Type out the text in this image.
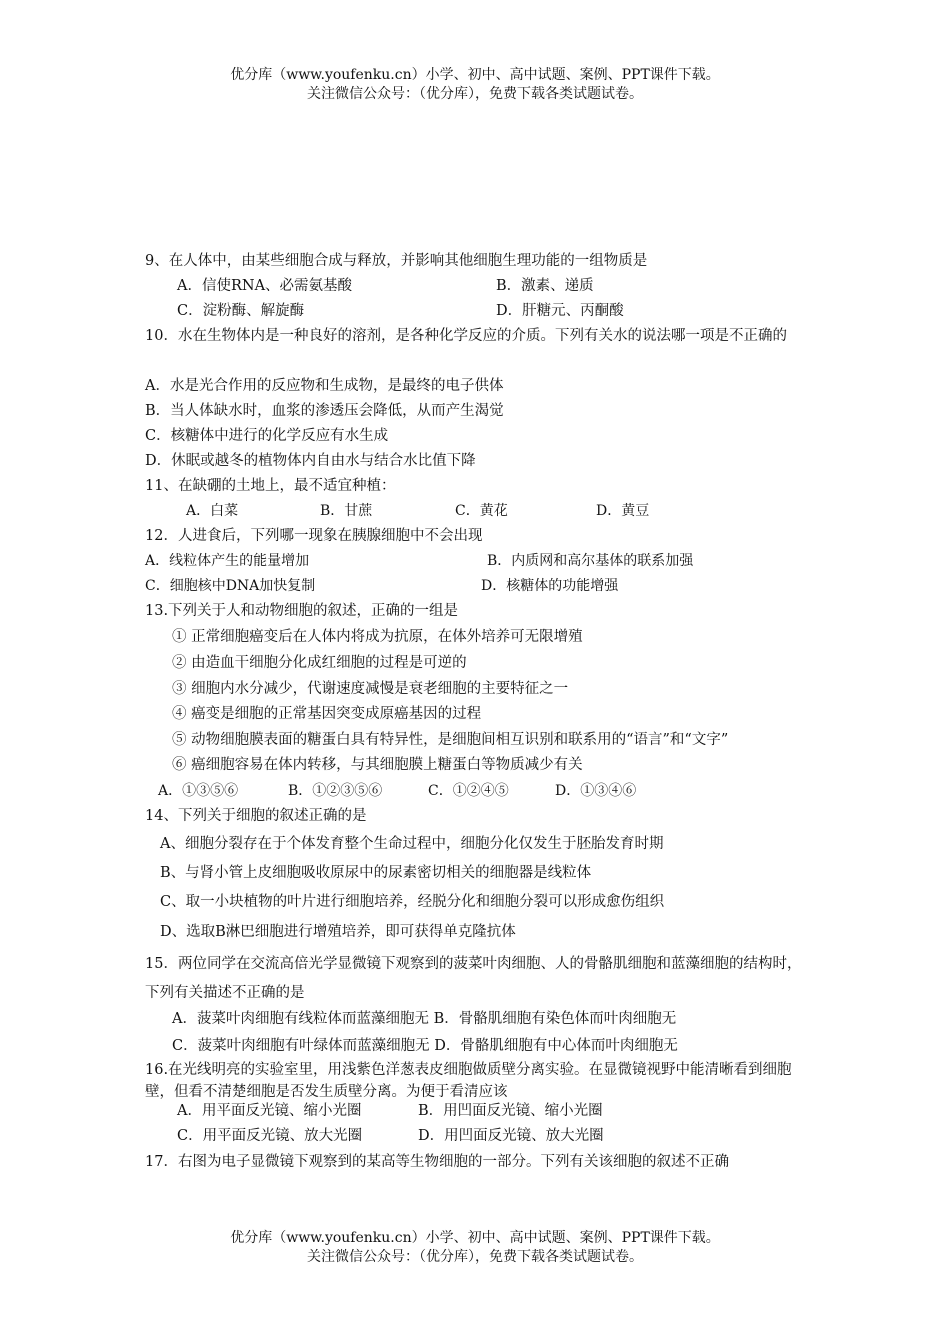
优分库（www.youfenku.cn）小学、初中、高中试题、案例、PPT课件下载。
关注微信公众号：（优分库），免费下载各类试题试卷。
9、在人体中，由某些细胞合成与释放，并影响其他细胞生理功能的一组物质是
A．信使RNA、必需氨基酸	B．激素、递质
C．淀粉酶、解旋酶	D．肝糖元、丙酮酸
10．水在生物体内是一种良好的溶剂，是各种化学反应的介质。下列有关水的说法哪一项是不正确的
A．水是光合作用的反应物和生成物，是最终的电子供体
B．当人体缺水时，血浆的渗透压会降低，从而产生渴觉
C．核糖体中进行的化学反应有水生成
D．休眠或越冬的植物体内自由水与结合水比值下降
11、在缺硼的土地上，最不适宜种植：
A．白菜	B．甘蔗	C．黄花	D．黄豆
12．人进食后，下列哪一现象在胰腺细胞中不会出现
A．线粒体产生的能量增加	B．内质网和高尔基体的联系加强
C．细胞核中DNA加快复制	D．核糖体的功能增强
13.下列关于人和动物细胞的叙述，正确的一组是
① 正常细胞癌变后在人体内将成为抗原，在体外培养可无限增殖
② 由造血干细胞分化成红细胞的过程是可逆的
③ 细胞内水分减少，代谢速度减慢是衰老细胞的主要特征之一
④ 癌变是细胞的正常基因突变成原癌基因的过程
⑤ 动物细胞膜表面的糖蛋白具有特异性，是细胞间相互识别和联系用的“语言”和“文字”
⑥ 癌细胞容易在体内转移，与其细胞膜上糖蛋白等物质减少有关
A．①③⑤⑥	B．①②③⑤⑥	C．①②④⑤	D．①③④⑥
14、下列关于细胞的叙述正确的是
A、细胞分裂存在于个体发育整个生命过程中，细胞分化仅发生于胚胎发育时期
B、与肾小管上皮细胞吸收原尿中的尿素密切相关的细胞器是线粒体
C、取一小块植物的叶片进行细胞培养，经脱分化和细胞分裂可以形成愈伤组织
D、选取B淋巴细胞进行增殖培养，即可获得单克隆抗体
15．两位同学在交流高倍光学显微镜下观察到的菠菜叶肉细胞、人的骨骼肌细胞和蓝藻细胞的结构时，下列有关描述不正确的是
A．菠菜叶肉细胞有线粒体而蓝藻细胞无 B．骨骼肌细胞有染色体而叶肉细胞无
C．菠菜叶肉细胞有叶绿体而蓝藻细胞无 D．骨骼肌细胞有中心体而叶肉细胞无
16.在光线明亮的实验室里，用浅紫色洋葱表皮细胞做质壁分离实验。在显微镜视野中能清晰看到细胞壁，但看不清楚细胞是否发生质壁分离。为便于看清应该
A．用平面反光镜、缩小光圈	B．用凹面反光镜、缩小光圈
C．用平面反光镜、放大光圈	D．用凹面反光镜、放大光圈
17．右图为电子显微镜下观察到的某高等生物细胞的一部分。下列有关该细胞的叙述不正确
优分库（www.youfenku.cn）小学、初中、高中试题、案例、PPT课件下载。
关注微信公众号：（优分库），免费下载各类试题试卷。
